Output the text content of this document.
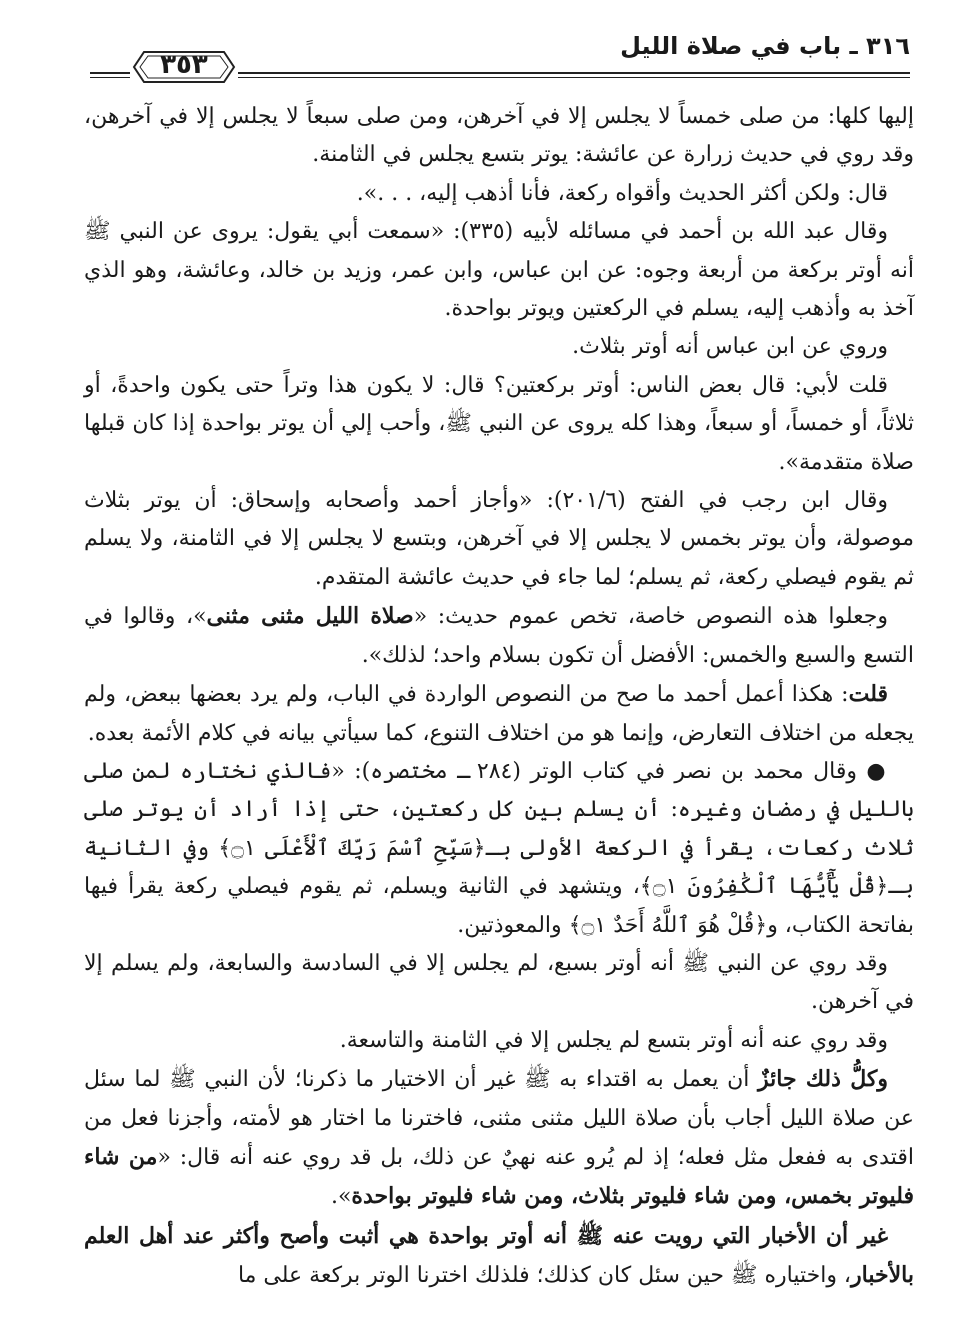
٣١٦ ـ باب في صلاة الليل
٣٥٣

إليها كلها: من صلى خمساً لا يجلس إلا في آخرهن، ومن صلى سبعاً لا يجلس إلا في آخرهن، وقد روي في حديث زرارة عن عائشة: يوتر بتسع يجلس في الثامنة.

قال: ولكن أكثر الحديث وأقواه ركعة، فأنا أذهب إليه، . . .».

وقال عبد الله بن أحمد في مسائله لأبيه (٣٣٥): «سمعت أبي يقول: يروى عن النبي ﷺ أنه أوتر بركعة من أربعة وجوه: عن ابن عباس، وابن عمر، وزيد بن خالد، وعائشة، وهو الذي آخذ به وأذهب إليه، يسلم في الركعتين ويوتر بواحدة.

وروي عن ابن عباس أنه أوتر بثلاث.

قلت لأبي: قال بعض الناس: أوتر بركعتين؟ قال: لا يكون هذا وتراً حتى يكون واحدةً، أو ثلاثاً، أو خمساً، أو سبعاً، وهذا كله يروى عن النبي ﷺ، وأحب إلي أن يوتر بواحدة إذا كان قبلها صلاة متقدمة».

وقال ابن رجب في الفتح (٢٠١/٦): «وأجاز أحمد وأصحابه وإسحاق: أن يوتر بثلاث موصولة، وأن يوتر بخمس لا يجلس إلا في آخرهن، وبتسع لا يجلس إلا في الثامنة، ولا يسلم ثم يقوم فيصلي ركعة، ثم يسلم؛ لما جاء في حديث عائشة المتقدم.

وجعلوا هذه النصوص خاصة، تخص عموم حديث: «صلاة الليل مثنى مثنى»، وقالوا في التسع والسبع والخمس: الأفضل أن تكون بسلام واحد؛ لذلك».

قلت: هكذا أعمل أحمد ما صح من النصوص الواردة في الباب، ولم يرد بعضها ببعض، ولم يجعله من اختلاف التعارض، وإنما هو من اختلاف التنوع، كما سيأتي بيانه في كلام الأئمة بعده.

● وقال محمد بن نصر في كتاب الوتر (٢٨٤ ـ مختصره): «فالذي نختاره لمن صلى بالليل في رمضان وغيره: أن يسلم بين كل ركعتين، حتى إذا أراد أن يوتر صلى ثلاث ركعات، يقرأ في الركعة الأولى بـ﴿سَبِّحِ ٱسْمَ رَبِّكَ ٱلْأَعْلَى ۝١﴾ وفي الثانية بـ﴿قُلْ يَٰٓأَيُّهَا ٱلْكَٰفِرُونَ ۝١﴾، ويتشهد في الثانية ويسلم، ثم يقوم فيصلي ركعة يقرأ فيها بفاتحة الكتاب، و﴿قُلْ هُوَ ٱللَّهُ أَحَدٌ ۝١﴾ والمعوذتين.

وقد روي عن النبي ﷺ أنه أوتر بسبع، لم يجلس إلا في السادسة والسابعة، ولم يسلم إلا في آخرهن.

وقد روي عنه أنه أوتر بتسع لم يجلس إلا في الثامنة والتاسعة.

وكلُّ ذلك جائزٌ أن يعمل به اقتداء به ﷺ غير أن الاختيار ما ذكرنا؛ لأن النبي ﷺ لما سئل عن صلاة الليل أجاب بأن صلاة الليل مثنى مثنى، فاخترنا ما اختار هو لأمته، وأجزنا فعل من اقتدى به ففعل مثل فعله؛ إذ لم يُرو عنه نهيٌ عن ذلك، بل قد روي عنه أنه قال: «من شاء فليوتر بخمس، ومن شاء فليوتر بثلاث، ومن شاء فليوتر بواحدة».

غير أن الأخبار التي رويت عنه ﷺ أنه أوتر بواحدة هي أثبت وأصح وأكثر عند أهل العلم بالأخبار، واختياره ﷺ حين سئل كان كذلك؛ فلذلك اخترنا الوتر بركعة على ما
